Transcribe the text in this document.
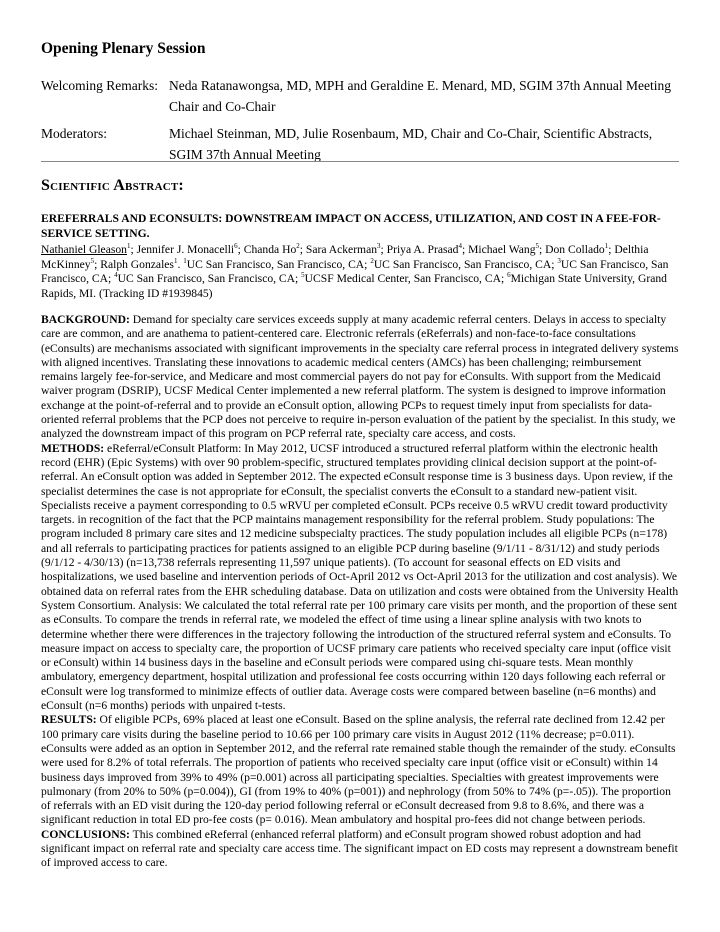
Opening Plenary Session
Welcoming Remarks: Neda Ratanawongsa, MD, MPH and Geraldine E. Menard, MD, SGIM 37th Annual Meeting Chair and Co-Chair
Moderators:	Michael Steinman, MD, Julie Rosenbaum, MD, Chair and Co-Chair, Scientific Abstracts, SGIM 37th Annual Meeting
Scientific Abstract:
EREFERRALS AND ECONSULTS: DOWNSTREAM IMPACT ON ACCESS, UTILIZATION, AND COST IN A FEE-FOR-SERVICE SETTING.
Nathaniel Gleason$^1$; Jennifer J. Monacelli$^6$; Chanda Ho$^2$; Sara Ackerman$^3$; Priya A. Prasad$^4$; Michael Wang$^5$; Don Collado$^1$; Delthia McKinney$^5$; Ralph Gonzales$^1$. $^1$UC San Francisco, San Francisco, CA; $^2$UC San Francisco, San Francisco, CA; $^3$UC San Francisco, San Francisco, CA; $^4$UC San Francisco, San Francisco, CA; $^5$UCSF Medical Center, San Francisco, CA; $^6$Michigan State University, Grand Rapids, MI. (Tracking ID #1939845)

BACKGROUND: Demand for specialty care services exceeds supply at many academic referral centers. Delays in access to specialty care are common, and are anathema to patient-centered care. Electronic referrals (eReferrals) and non-face-to-face consultations (eConsults) are mechanisms associated with significant improvements in the specialty care referral process in integrated delivery systems with aligned incentives. Translating these innovations to academic medical centers (AMCs) has been challenging; reimbursement remains largely fee-for-service, and Medicare and most commercial payers do not pay for eConsults. With support from the Medicaid waiver program (DSRIP), UCSF Medical Center implemented a new referral platform. The system is designed to improve information exchange at the point-of-referral and to provide an eConsult option, allowing PCPs to request timely input from specialists for data-oriented referral problems that the PCP does not perceive to require in-person evaluation of the patient by the specialist. In this study, we analyzed the downstream impact of this program on PCP referral rate, specialty care access, and costs.

METHODS: eReferral/eConsult Platform: In May 2012, UCSF introduced a structured referral platform within the electronic health record (EHR) (Epic Systems) with over 90 problem-specific, structured templates providing clinical decision support at the point-of-referral. An eConsult option was added in September 2012. The expected eConsult response time is 3 business days. Upon review, if the specialist determines the case is not appropriate for eConsult, the specialist converts the eConsult to a standard new-patient visit. Specialists receive a payment corresponding to 0.5 wRVU per completed eConsult. PCPs receive 0.5 wRVU credit toward productivity targets. in recognition of the fact that the PCP maintains management responsibility for the referral problem. Study populations: The program included 8 primary care sites and 12 medicine subspecialty practices. The study population includes all eligible PCPs (n=178) and all referrals to participating practices for patients assigned to an eligible PCP during baseline (9/1/11 - 8/31/12) and study periods (9/1/12 - 4/30/13) (n=13,738 referrals representing 11,597 unique patients). (To account for seasonal effects on ED visits and hospitalizations, we used baseline and intervention periods of Oct-April 2012 vs Oct-April 2013 for the utilization and cost analysis). We obtained data on referral rates from the EHR scheduling database. Data on utilization and costs were obtained from the University Health System Consortium. Analysis: We calculated the total referral rate per 100 primary care visits per month, and the proportion of these sent as eConsults. To compare the trends in referral rate, we modeled the effect of time using a linear spline analysis with two knots to determine whether there were differences in the trajectory following the introduction of the structured referral system and eConsults. To measure impact on access to specialty care, the proportion of UCSF primary care patients who received specialty care input (office visit or eConsult) within 14 business days in the baseline and eConsult periods were compared using chi-square tests. Mean monthly ambulatory, emergency department, hospital utilization and professional fee costs occurring within 120 days following each referral or eConsult were log transformed to minimize effects of outlier data. Average costs were compared between baseline (n=6 months) and eConsult (n=6 months) periods with unpaired t-tests.

RESULTS: Of eligible PCPs, 69% placed at least one eConsult. Based on the spline analysis, the referral rate declined from 12.42 per 100 primary care visits during the baseline period to 10.66 per 100 primary care visits in August 2012 (11% decrease; p=0.011). eConsults were added as an option in September 2012, and the referral rate remained stable though the remainder of the study. eConsults were used for 8.2% of total referrals. The proportion of patients who received specialty care input (office visit or eConsult) within 14 business days improved from 39% to 49% (p=0.001) across all participating specialties. Specialties with greatest improvements were pulmonary (from 20% to 50% (p=0.004)), GI (from 19% to 40% (p=001)) and nephrology (from 50% to 74% (p=-.05)). The proportion of referrals with an ED visit during the 120-day period following referral or eConsult decreased from 9.8 to 8.6%, and there was a significant reduction in total ED pro-fee costs (p= 0.016). Mean ambulatory and hospital pro-fees did not change between periods.

CONCLUSIONS: This combined eReferral (enhanced referral platform) and eConsult program showed robust adoption and had significant impact on referral rate and specialty care access time. The significant impact on ED costs may represent a downstream benefit of improved access to care.
